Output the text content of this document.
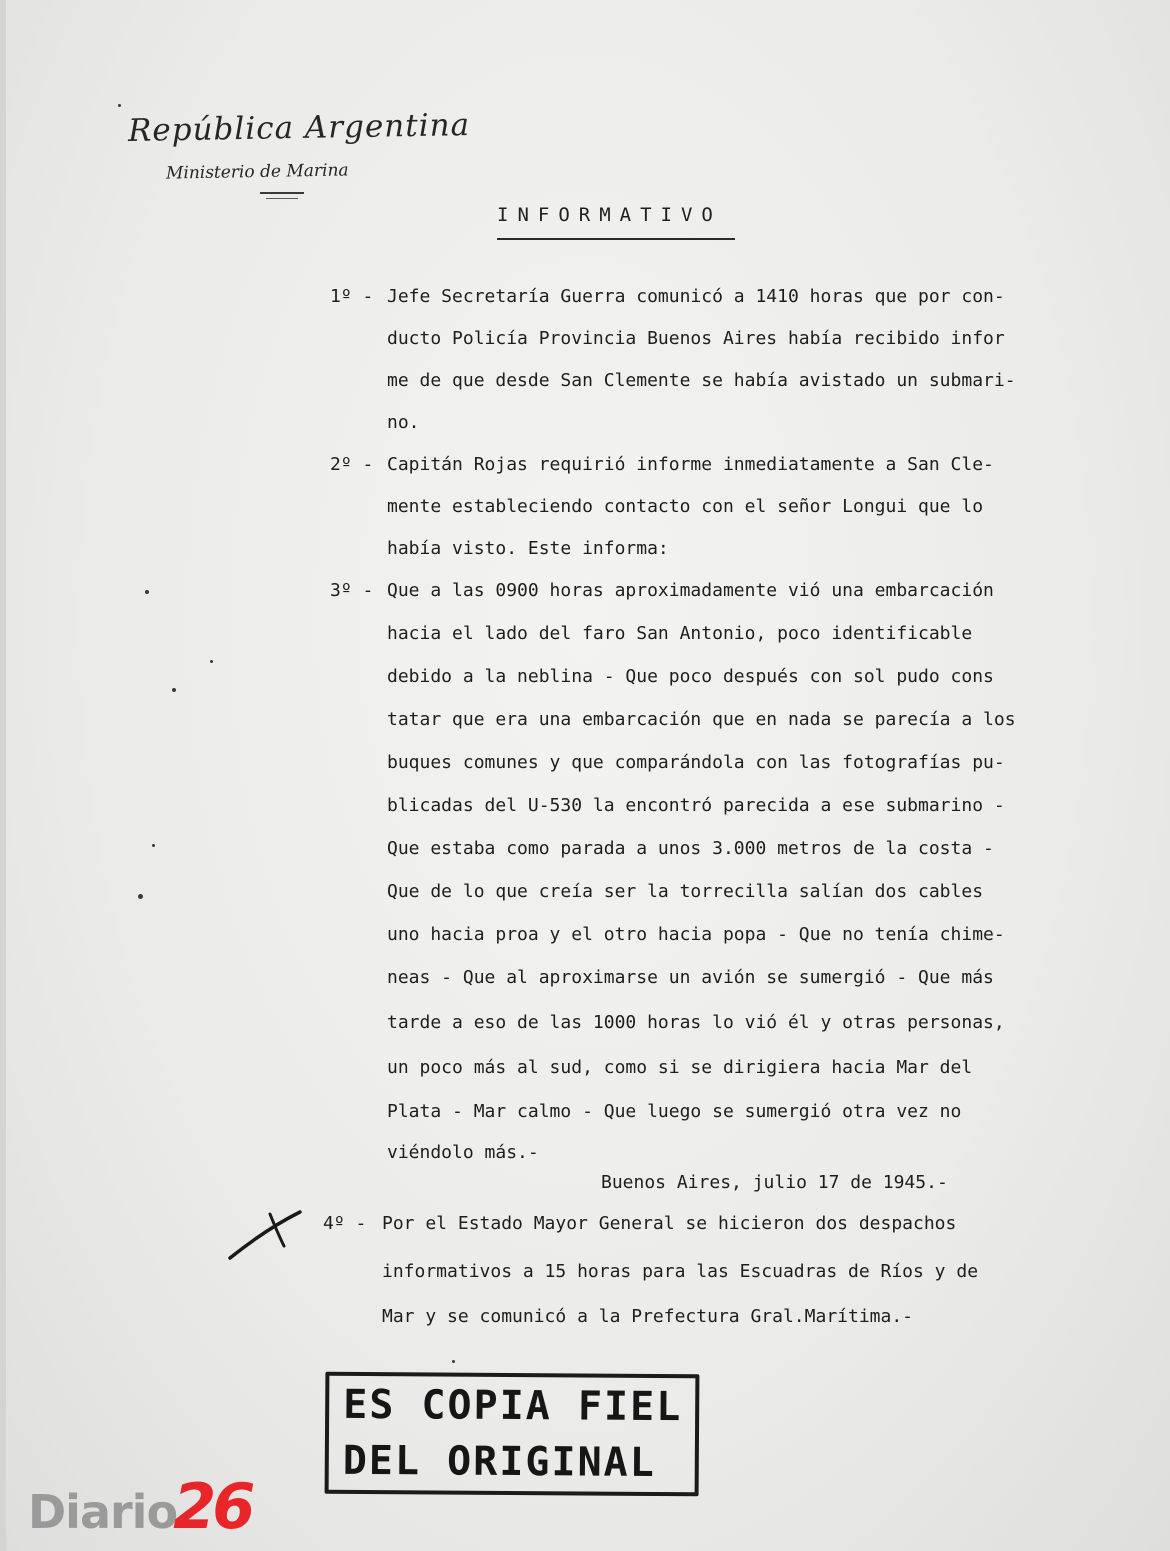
República Argentina
Ministerio de Marina
INFORMATIVO
1º - Jefe Secretaría Guerra comunicó a 1410 horas que por con-
ducto Policía Provincia Buenos Aires había recibido infor
me de que desde San Clemente se había avistado un submari-
no.
2º - Capitán Rojas requirió informe inmediatamente a San Cle-
mente estableciendo contacto con el señor Longui que lo
había visto. Este informa:
3º - Que a las 0900 horas aproximadamente vió una embarcación
hacia el lado del faro San Antonio, poco identificable
debido a la neblina - Que poco después con sol pudo cons
tatar que era una embarcación que en nada se parecía a los
buques comunes y que comparándola con las fotografías pu-
blicadas del U-530 la encontró parecida a ese submarino -
Que estaba como parada a unos 3.000 metros de la costa -
Que de lo que creía ser la torrecilla salían dos cables
uno hacia proa y el otro hacia popa - Que no tenía chime-
neas - Que al aproximarse un avión se sumergió - Que más
tarde a eso de las 1000 horas lo vió él y otras personas,
un poco más al sud, como si se dirigiera hacia Mar del
Plata - Mar calmo - Que luego se sumergió otra vez no
viéndolo más.-
Buenos Aires, julio 17 de 1945.-
4º - Por el Estado Mayor General se hicieron dos despachos
informativos a 15 horas para las Escuadras de Ríos y de
Mar y se comunicó a la Prefectura Gral.Marítima.-
ES COPIA FIEL
DEL ORIGINAL
Diario26
